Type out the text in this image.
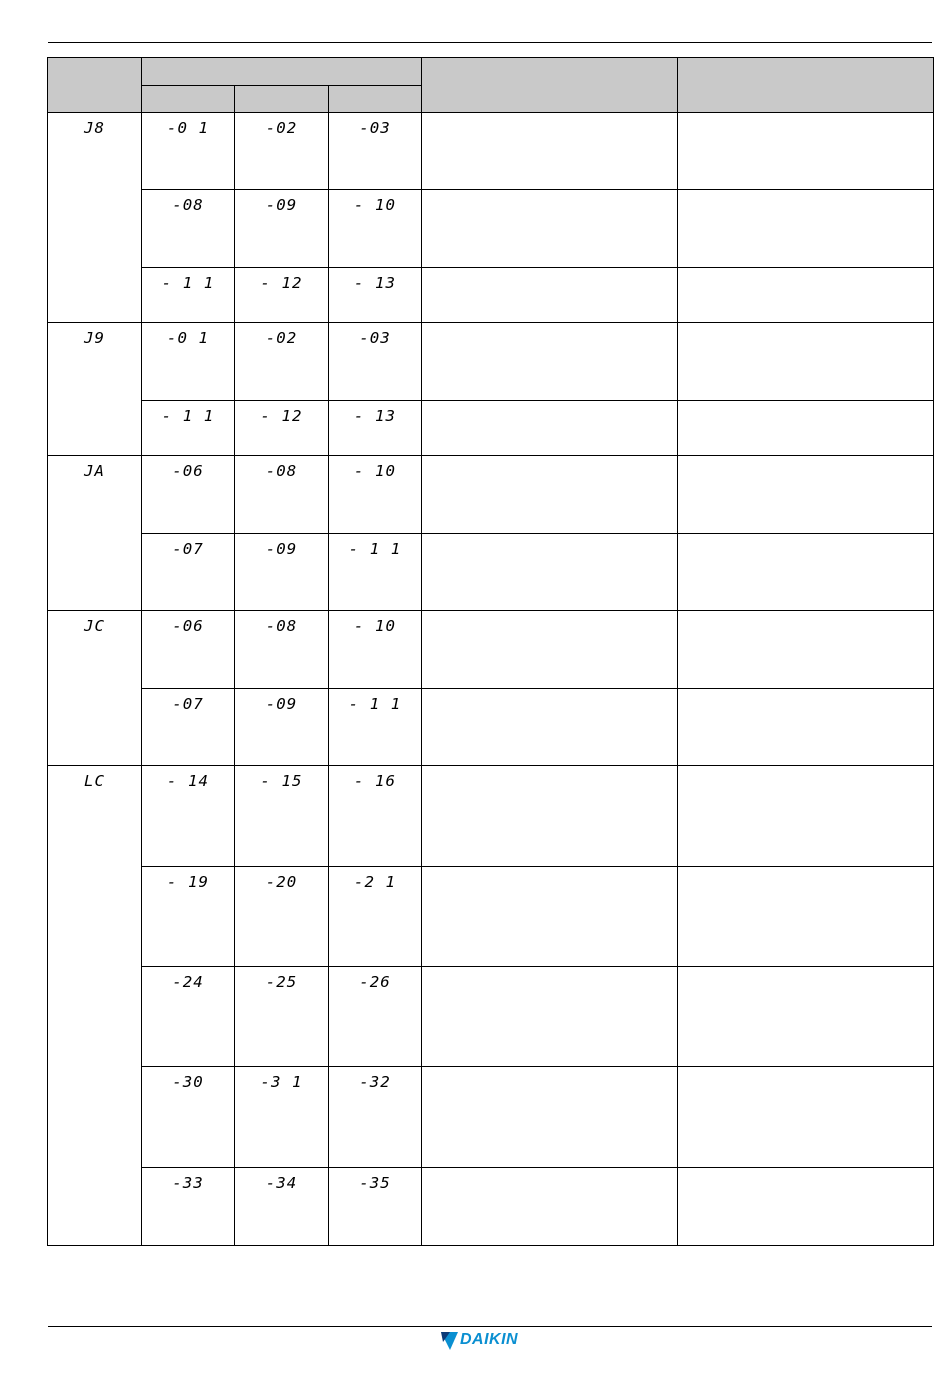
J8	-0 1	-02	-03		

	-08	-09	- 10		

	- 1 1	- 12	- 13		

J9	-0 1	-02	-03		

	- 1 1	- 12	- 13		

JA	-06	-08	- 10		

	-07	-09	- 1 1		

JC	-06	-08	- 10		

	-07	-09	- 1 1		

LC	- 14	- 15	- 16		

	- 19	-20	-2 1		

	-24	-25	-26		

	-30	-3 1	-32		

	-33	-34	-35		

DAIKIN
